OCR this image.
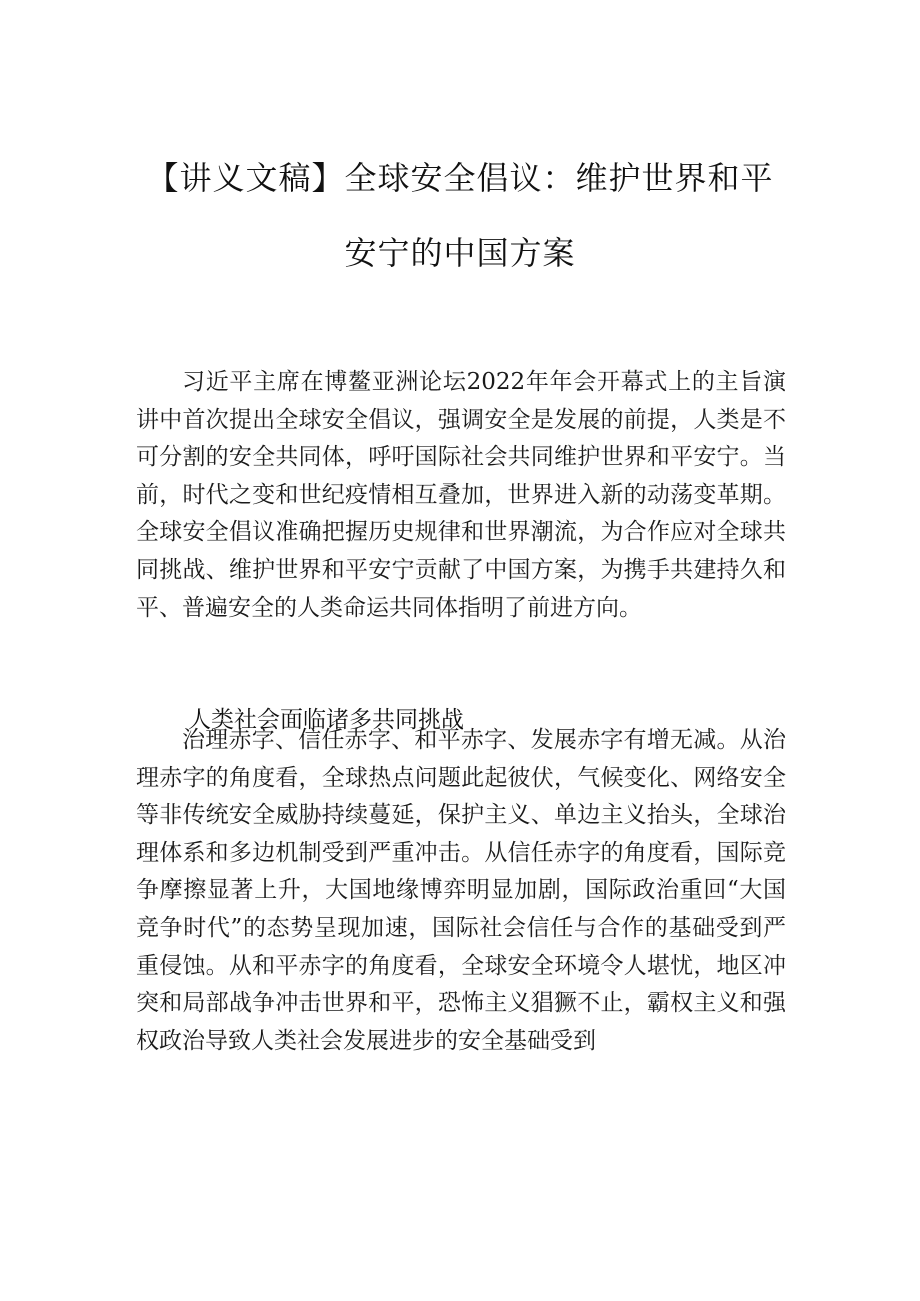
【讲义文稿】全球安全倡议：维护世界和平
安宁的中国方案

习近平主席在博鳌亚洲论坛2022年年会开幕式上的主旨演讲中首次提出全球安全倡议，强调安全是发展的前提，人类是不可分割的安全共同体，呼吁国际社会共同维护世界和平安宁。当前，时代之变和世纪疫情相互叠加，世界进入新的动荡变革期。全球安全倡议准确把握历史规律和世界潮流，为合作应对全球共同挑战、维护世界和平安宁贡献了中国方案，为携手共建持久和平、普遍安全的人类命运共同体指明了前进方向。

人类社会面临诸多共同挑战

治理赤字、信任赤字、和平赤字、发展赤字有增无减。从治理赤字的角度看，全球热点问题此起彼伏，气候变化、网络安全等非传统安全威胁持续蔓延，保护主义、单边主义抬头，全球治理体系和多边机制受到严重冲击。从信任赤字的角度看，国际竞争摩擦显著上升，大国地缘博弈明显加剧，国际政治重回“大国竞争时代”的态势呈现加速，国际社会信任与合作的基础受到严重侵蚀。从和平赤字的角度看，全球安全环境令人堪忧，地区冲突和局部战争冲击世界和平，恐怖主义猖獗不止，霸权主义和强权政治导致人类社会发展进步的安全基础受到
